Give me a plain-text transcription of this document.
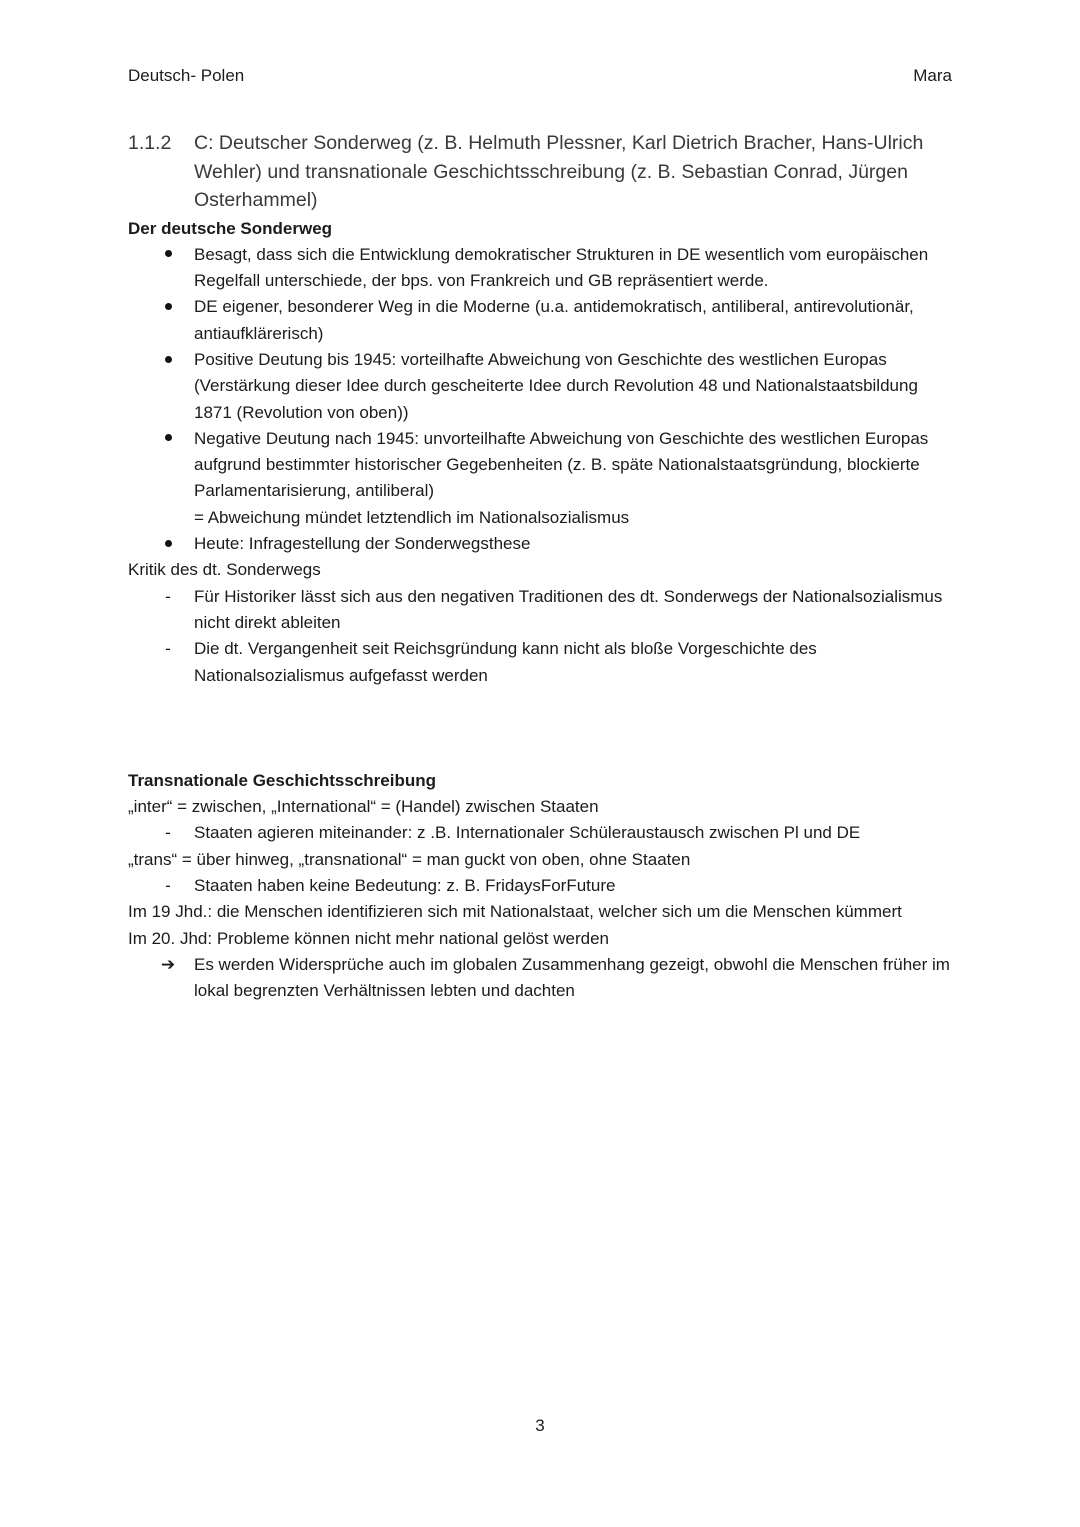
Deutsch- Polen	Mara
1.1.2	C: Deutscher Sonderweg (z. B. Helmuth Plessner, Karl Dietrich Bracher, Hans-Ulrich Wehler) und transnationale Geschichtsschreibung (z. B. Sebastian Conrad, Jürgen Osterhammel)
Der deutsche Sonderweg
Besagt, dass sich die Entwicklung demokratischer Strukturen in DE wesentlich vom europäischen Regelfall unterschiede, der bps. von Frankreich und GB repräsentiert werde.
DE eigener, besonderer Weg in die Moderne (u.a. antidemokratisch, antiliberal, antirevolutionär, antiaufklärerisch)
Positive Deutung bis 1945: vorteilhafte Abweichung von Geschichte des westlichen Europas (Verstärkung dieser Idee durch gescheiterte Idee durch Revolution 48 und Nationalstaatsbildung 1871 (Revolution von oben))
Negative Deutung nach 1945: unvorteilhafte Abweichung von Geschichte des westlichen Europas aufgrund bestimmter historischer Gegebenheiten (z. B. späte Nationalstaatsgründung, blockierte Parlamentarisierung, antiliberal)
= Abweichung mündet letztendlich im Nationalsozialismus
Heute: Infragestellung der Sonderwegsthese
Kritik des dt. Sonderwegs
-	Für Historiker lässt sich aus den negativen Traditionen des dt. Sonderwegs der Nationalsozialismus nicht direkt ableiten
-	Die dt. Vergangenheit seit Reichsgründung kann nicht als bloße Vorgeschichte des Nationalsozialismus aufgefasst werden
Transnationale Geschichtsschreibung
„inter“ = zwischen, „International“ = (Handel) zwischen Staaten
-	Staaten agieren miteinander: z .B. Internationaler Schüleraustausch zwischen Pl und DE
„trans“ = über hinweg, „transnational“ = man guckt von oben, ohne Staaten
-	Staaten haben keine Bedeutung: z. B. FridaysForFuture
Im 19 Jhd.: die Menschen identifizieren sich mit Nationalstaat, welcher sich um die Menschen kümmert
Im 20. Jhd: Probleme können nicht mehr national gelöst werden
➔ Es werden Widersprüche auch im globalen Zusammenhang gezeigt, obwohl die Menschen früher im lokal begrenzten Verhältnissen lebten und dachten
3
